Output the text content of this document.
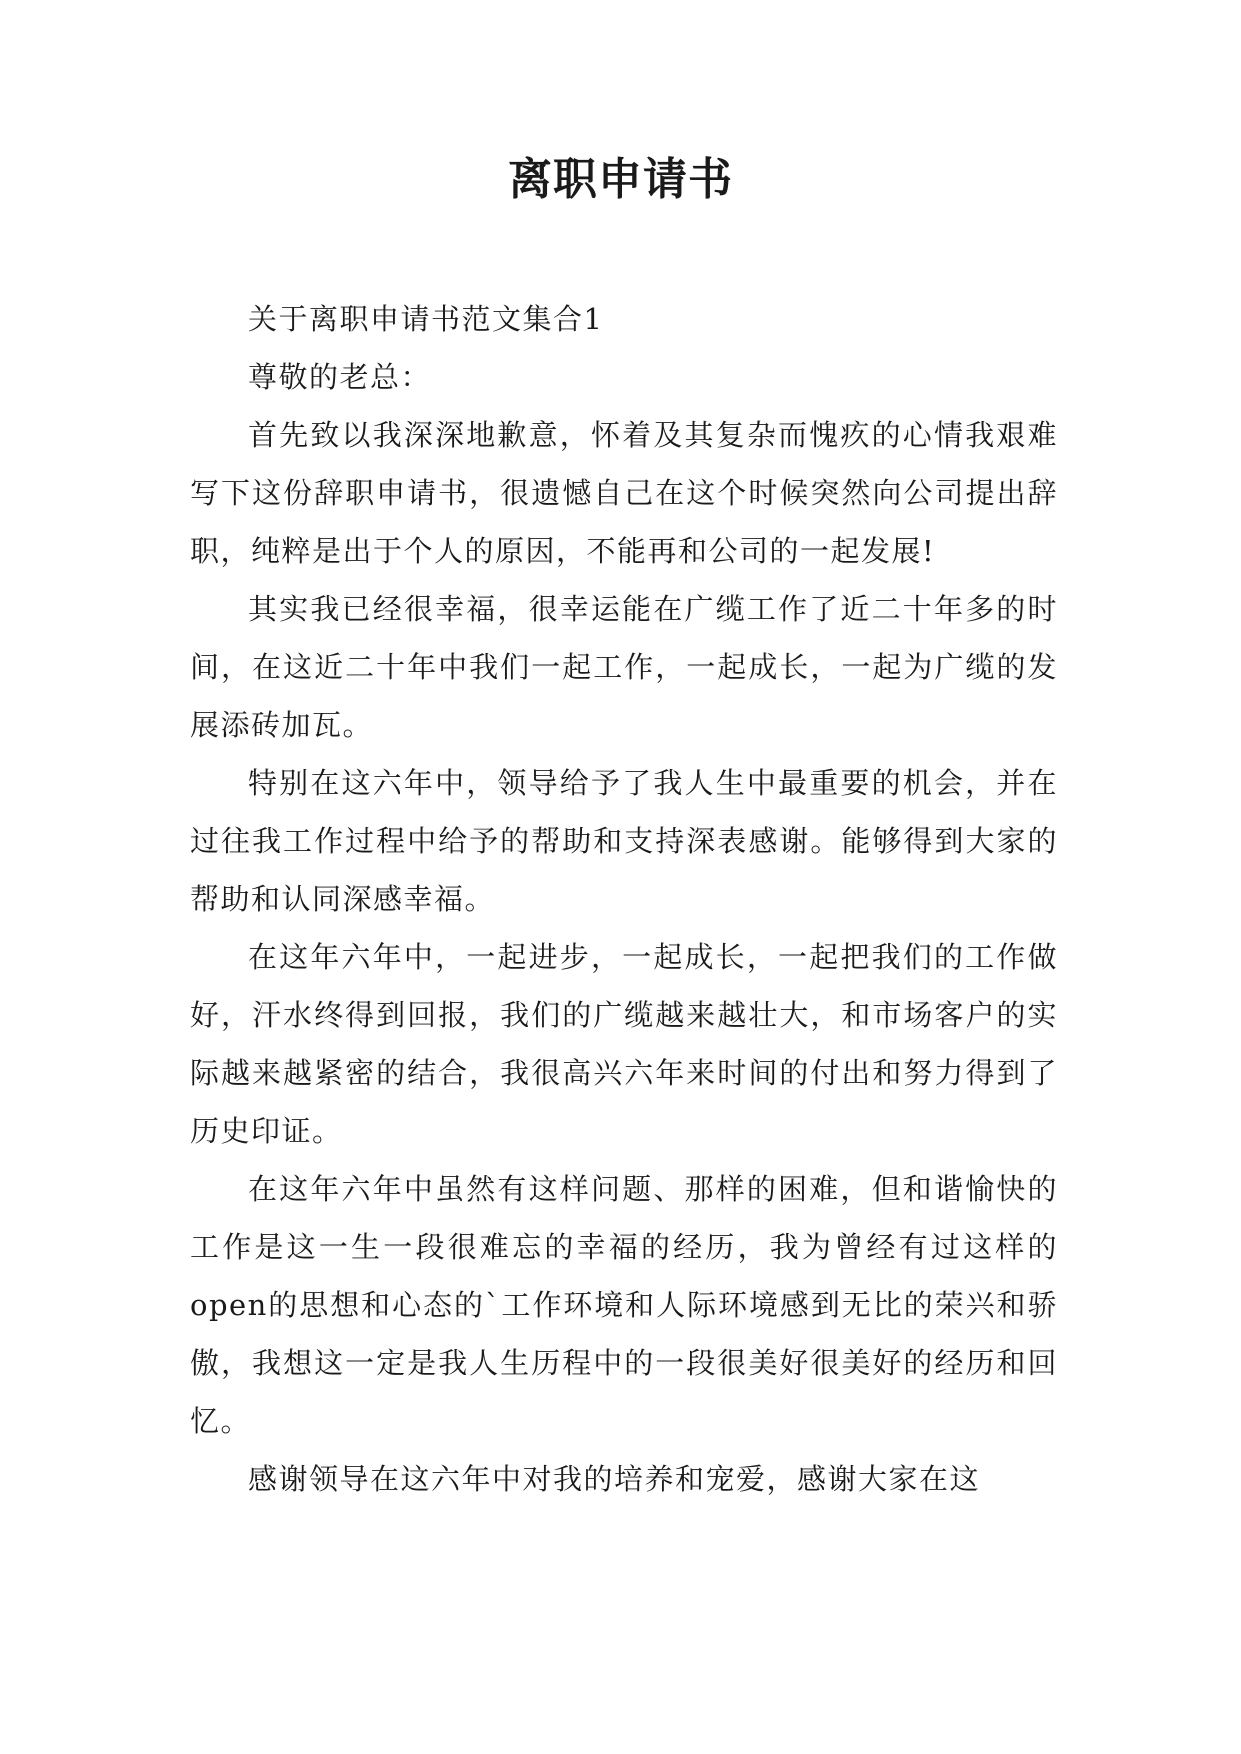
离职申请书

关于离职申请书范文集合1

尊敬的老总：

首先致以我深深地歉意，怀着及其复杂而愧疚的心情我艰难写下这份辞职申请书，很遗憾自己在这个时候突然向公司提出辞职，纯粹是出于个人的原因，不能再和公司的一起发展!

其实我已经很幸福，很幸运能在广缆工作了近二十年多的时间，在这近二十年中我们一起工作，一起成长，一起为广缆的发展添砖加瓦。

特别在这六年中，领导给予了我人生中最重要的机会，并在过往我工作过程中给予的帮助和支持深表感谢。能够得到大家的帮助和认同深感幸福。

在这年六年中，一起进步，一起成长，一起把我们的工作做好，汗水终得到回报，我们的广缆越来越壮大，和市场客户的实际越来越紧密的结合，我很高兴六年来时间的付出和努力得到了历史印证。

在这年六年中虽然有这样问题、那样的困难，但和谐愉快的工作是这一生一段很难忘的幸福的经历，我为曾经有过这样的open的思想和心态的`工作环境和人际环境感到无比的荣兴和骄傲，我想这一定是我人生历程中的一段很美好很美好的经历和回忆。

感谢领导在这六年中对我的培养和宠爱，感谢大家在这
